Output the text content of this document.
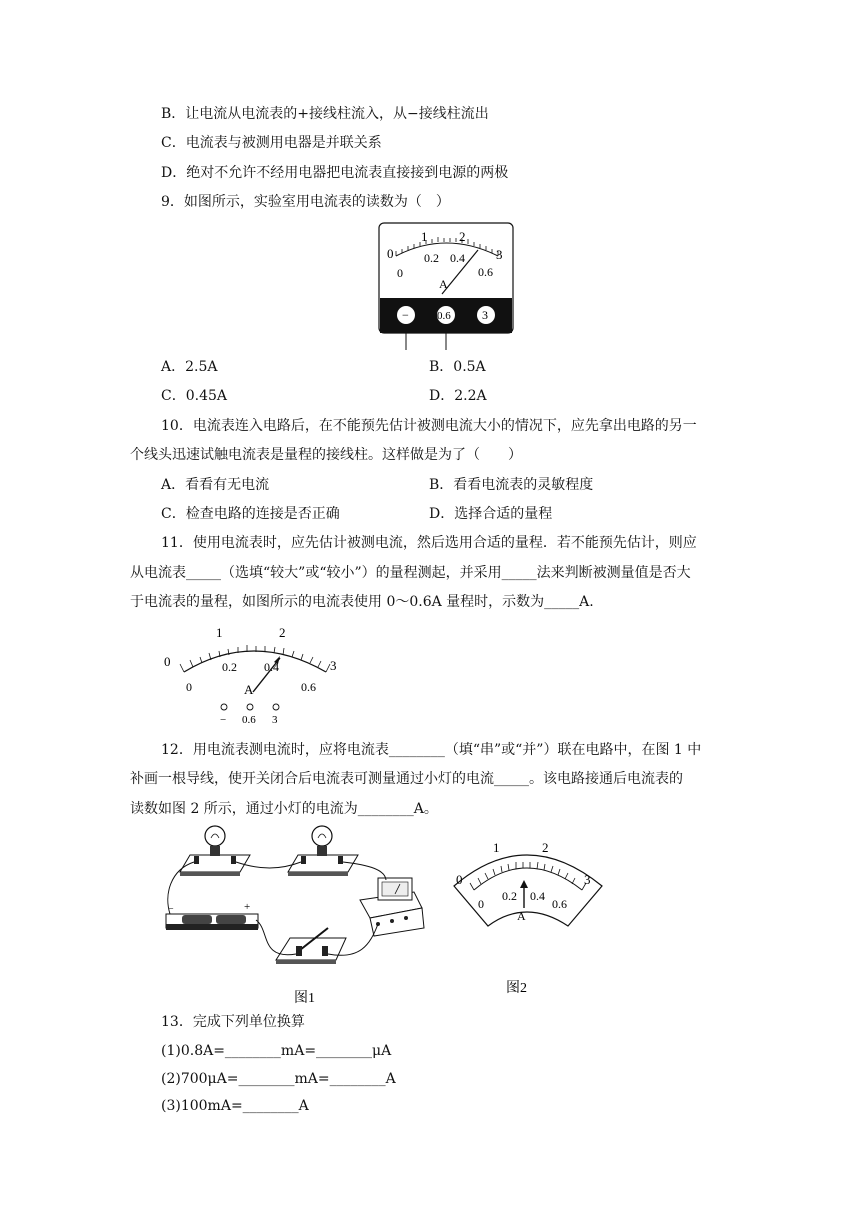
B．让电流从电流表的+接线柱流入，从−接线柱流出
C．电流表与被测用电器是并联关系
D．绝对不允许不经用电器把电流表直接接到电源的两极
9．如图所示，实验室用电流表的读数为（　）
0
1 2
3
0
0.2 0.4
0.6
A
−	0.6	3
A．2.5A	B．0.5A
C．0.45A	D．2.2A
10．电流表连入电路后，在不能预先估计被测电流大小的情况下，应先拿出电路的另一
个线头迅速试触电流表是量程的接线柱。这样做是为了（　　）
A．看看有无电流	B．看看电流表的灵敏程度
C．检查电路的连接是否正确	D．选择合适的量程
11．使用电流表时，应先估计被测电流，然后选用合适的量程．若不能预先估计，则应
从电流表_____（选填“较大”或“较小”）的量程测起，并采用_____法来判断被测量值是否大
于电流表的量程，如图所示的电流表使用 0～0.6A 量程时，示数为_____A.
0
1	2
3
0
0.2 0.4
0.6
A
− 0.6 3
12．用电流表测电流时，应将电流表________（填“串”或“并”）联在电路中，在图 1 中
补画一根导线，使开关闭合后电流表可测量通过小灯的电流_____。该电路接通后电流表的
读数如图 2 所示，通过小灯的电流为________A。
−	+
图1
0
1	2
3
0
0.2 0.4
0.6
A
图2
13．完成下列单位换算
(1)0.8A=________mA=________μA
(2)700μA=________mA=________A
(3)100mA=________A
